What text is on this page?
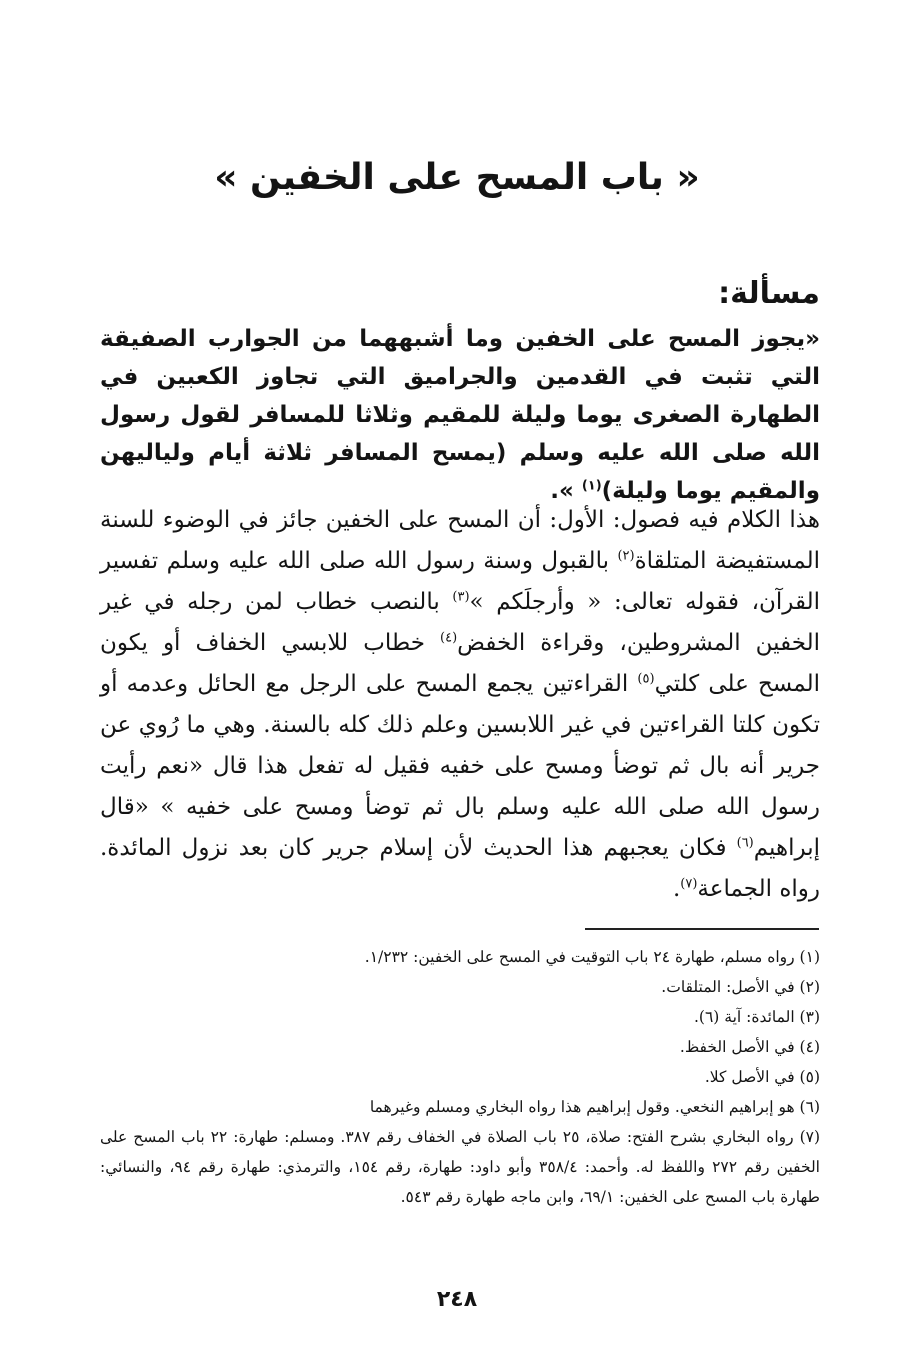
« باب المسح على الخفين »
مسألة:

«يجوز المسح على الخفين وما أشبههما من الجوارب الصفيقة التي تثبت في القدمين والجراميق التي تجاوز الكعبين في الطهارة الصغرى يوما وليلة للمقيم وثلاثا للمسافر لقول رسول الله صلى الله عليه وسلم (يمسح المسافر ثلاثة أيام ولياليهن والمقيم يوما وليلة)$^{(١)}$ ».

هذا الكلام فيه فصول: الأول: أن المسح على الخفين جائز في الوضوء للسنة المستفيضة المتلقاة$^{(٢)}$ بالقبول وسنة رسول الله صلى الله عليه وسلم تفسير القرآن، فقوله تعالى: « وأرجلَكم »$^{(٣)}$ بالنصب خطاب لمن رجله في غير الخفين المشروطين، وقراءة الخفض$^{(٤)}$ خطاب للابسي الخفاف أو يكون المسح على كلتي$^{(٥)}$ القراءتين يجمع المسح على الرجل مع الحائل وعدمه أو تكون كلتا القراءتين في غير اللابسين وعلم ذلك كله بالسنة. وهي ما رُوي عن جرير أنه بال ثم توضأ ومسح على خفيه فقيل له تفعل هذا قال «نعم رأيت رسول الله صلى الله عليه وسلم بال ثم توضأ ومسح على خفيه » «قال إبراهيم$^{(٦)}$ فكان يعجبهم هذا الحديث لأن إسلام جرير كان بعد نزول المائدة. رواه الجماعة$^{(٧)}$.

(١) رواه مسلم، طهارة ٢٤ باب التوقيت في المسح على الخفين: ١/٢٣٢.
(٢) في الأصل: المتلقات.
(٣) المائدة: آية (٦).
(٤) في الأصل الخفظ.
(٥) في الأصل كلا.
(٦) هو إبراهيم النخعي. وقول إبراهيم هذا رواه البخاري ومسلم وغيرهما
(٧) رواه البخاري بشرح الفتح: صلاة، ٢٥ باب الصلاة في الخفاف رقم ٣٨٧. ومسلم: طهارة: ٢٢ باب المسح على الخفين رقم ٢٧٢ واللفظ له. وأحمد: ٣٥٨/٤ وأبو داود: طهارة، رقم ١٥٤، والترمذي: طهارة رقم ٩٤، والنسائي: طهارة باب المسح على الخفين: ٦٩/١، وابن ماجه طهارة رقم ٥٤٣.
٢٤٨
